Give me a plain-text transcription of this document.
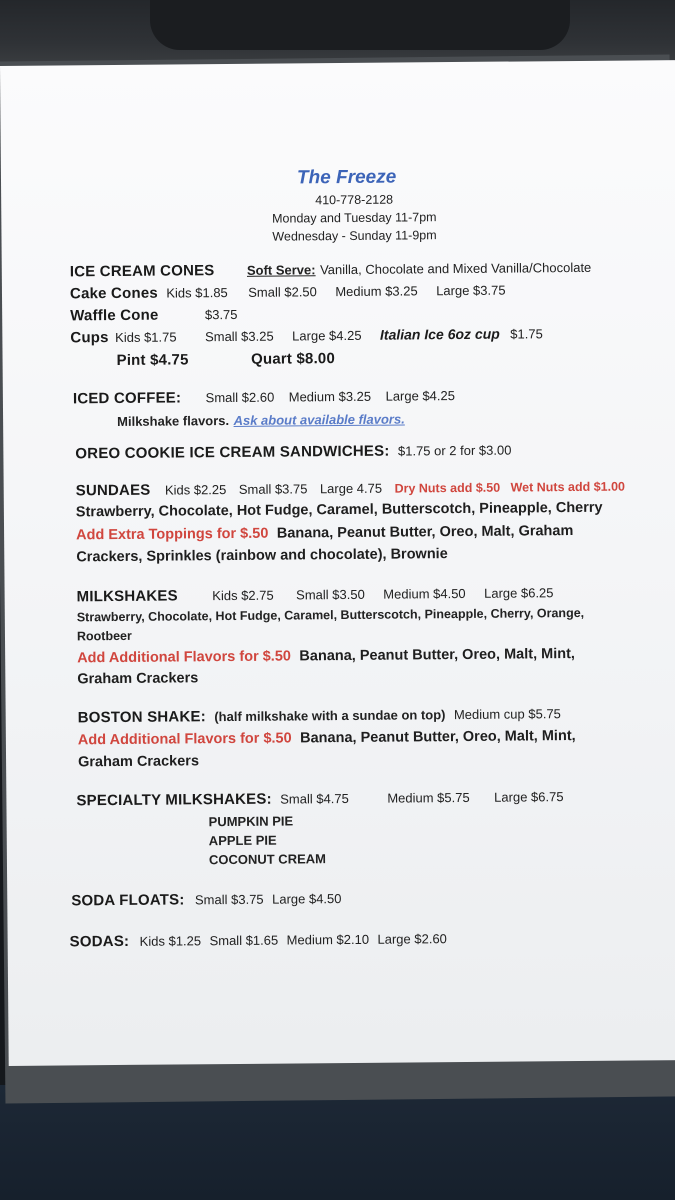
The Freeze
410-778-2128
Monday and Tuesday 11-7pm
Wednesday - Sunday 11-9pm
ICE CREAM CONES Soft Serve: Vanilla, Chocolate and Mixed Vanilla/Chocolate
Cake Cones Kids $1.85 Small $2.50 Medium $3.25 Large $3.75
Waffle Cone	$3.75
Cups Kids $1.75 Small $3.25 Large $4.25 Italian Ice 6oz cup $1.75
Pint $4.75	Quart $8.00
ICED COFFEE: Small $2.60 Medium $3.25 Large $4.25
Milkshake flavors. Ask about available flavors.
OREO COOKIE ICE CREAM SANDWICHES: $1.75 or 2 for $3.00
SUNDAES Kids $2.25 Small $3.75 Large 4.75 Dry Nuts add $.50 Wet Nuts add $1.00
Strawberry, Chocolate, Hot Fudge, Caramel, Butterscotch, Pineapple, Cherry
Add Extra Toppings for $.50 Banana, Peanut Butter, Oreo, Malt, Graham
Crackers, Sprinkles (rainbow and chocolate), Brownie
MILKSHAKES	Kids $2.75 Small $3.50 Medium $4.50 Large $6.25
Strawberry, Chocolate, Hot Fudge, Caramel, Butterscotch, Pineapple, Cherry, Orange,
Rootbeer
Add Additional Flavors for $.50 Banana, Peanut Butter, Oreo, Malt, Mint,
Graham Crackers
BOSTON SHAKE: (half milkshake with a sundae on top) Medium cup $5.75
Add Additional Flavors for $.50 Banana, Peanut Butter, Oreo, Malt, Mint,
Graham Crackers
SPECIALTY MILKSHAKES: Small $4.75	Medium $5.75 Large $6.75
PUMPKIN PIE
APPLE PIE
COCONUT CREAM
SODA FLOATS: Small $3.75 Large $4.50
SODAS: Kids $1.25 Small $1.65 Medium $2.10 Large $2.60
